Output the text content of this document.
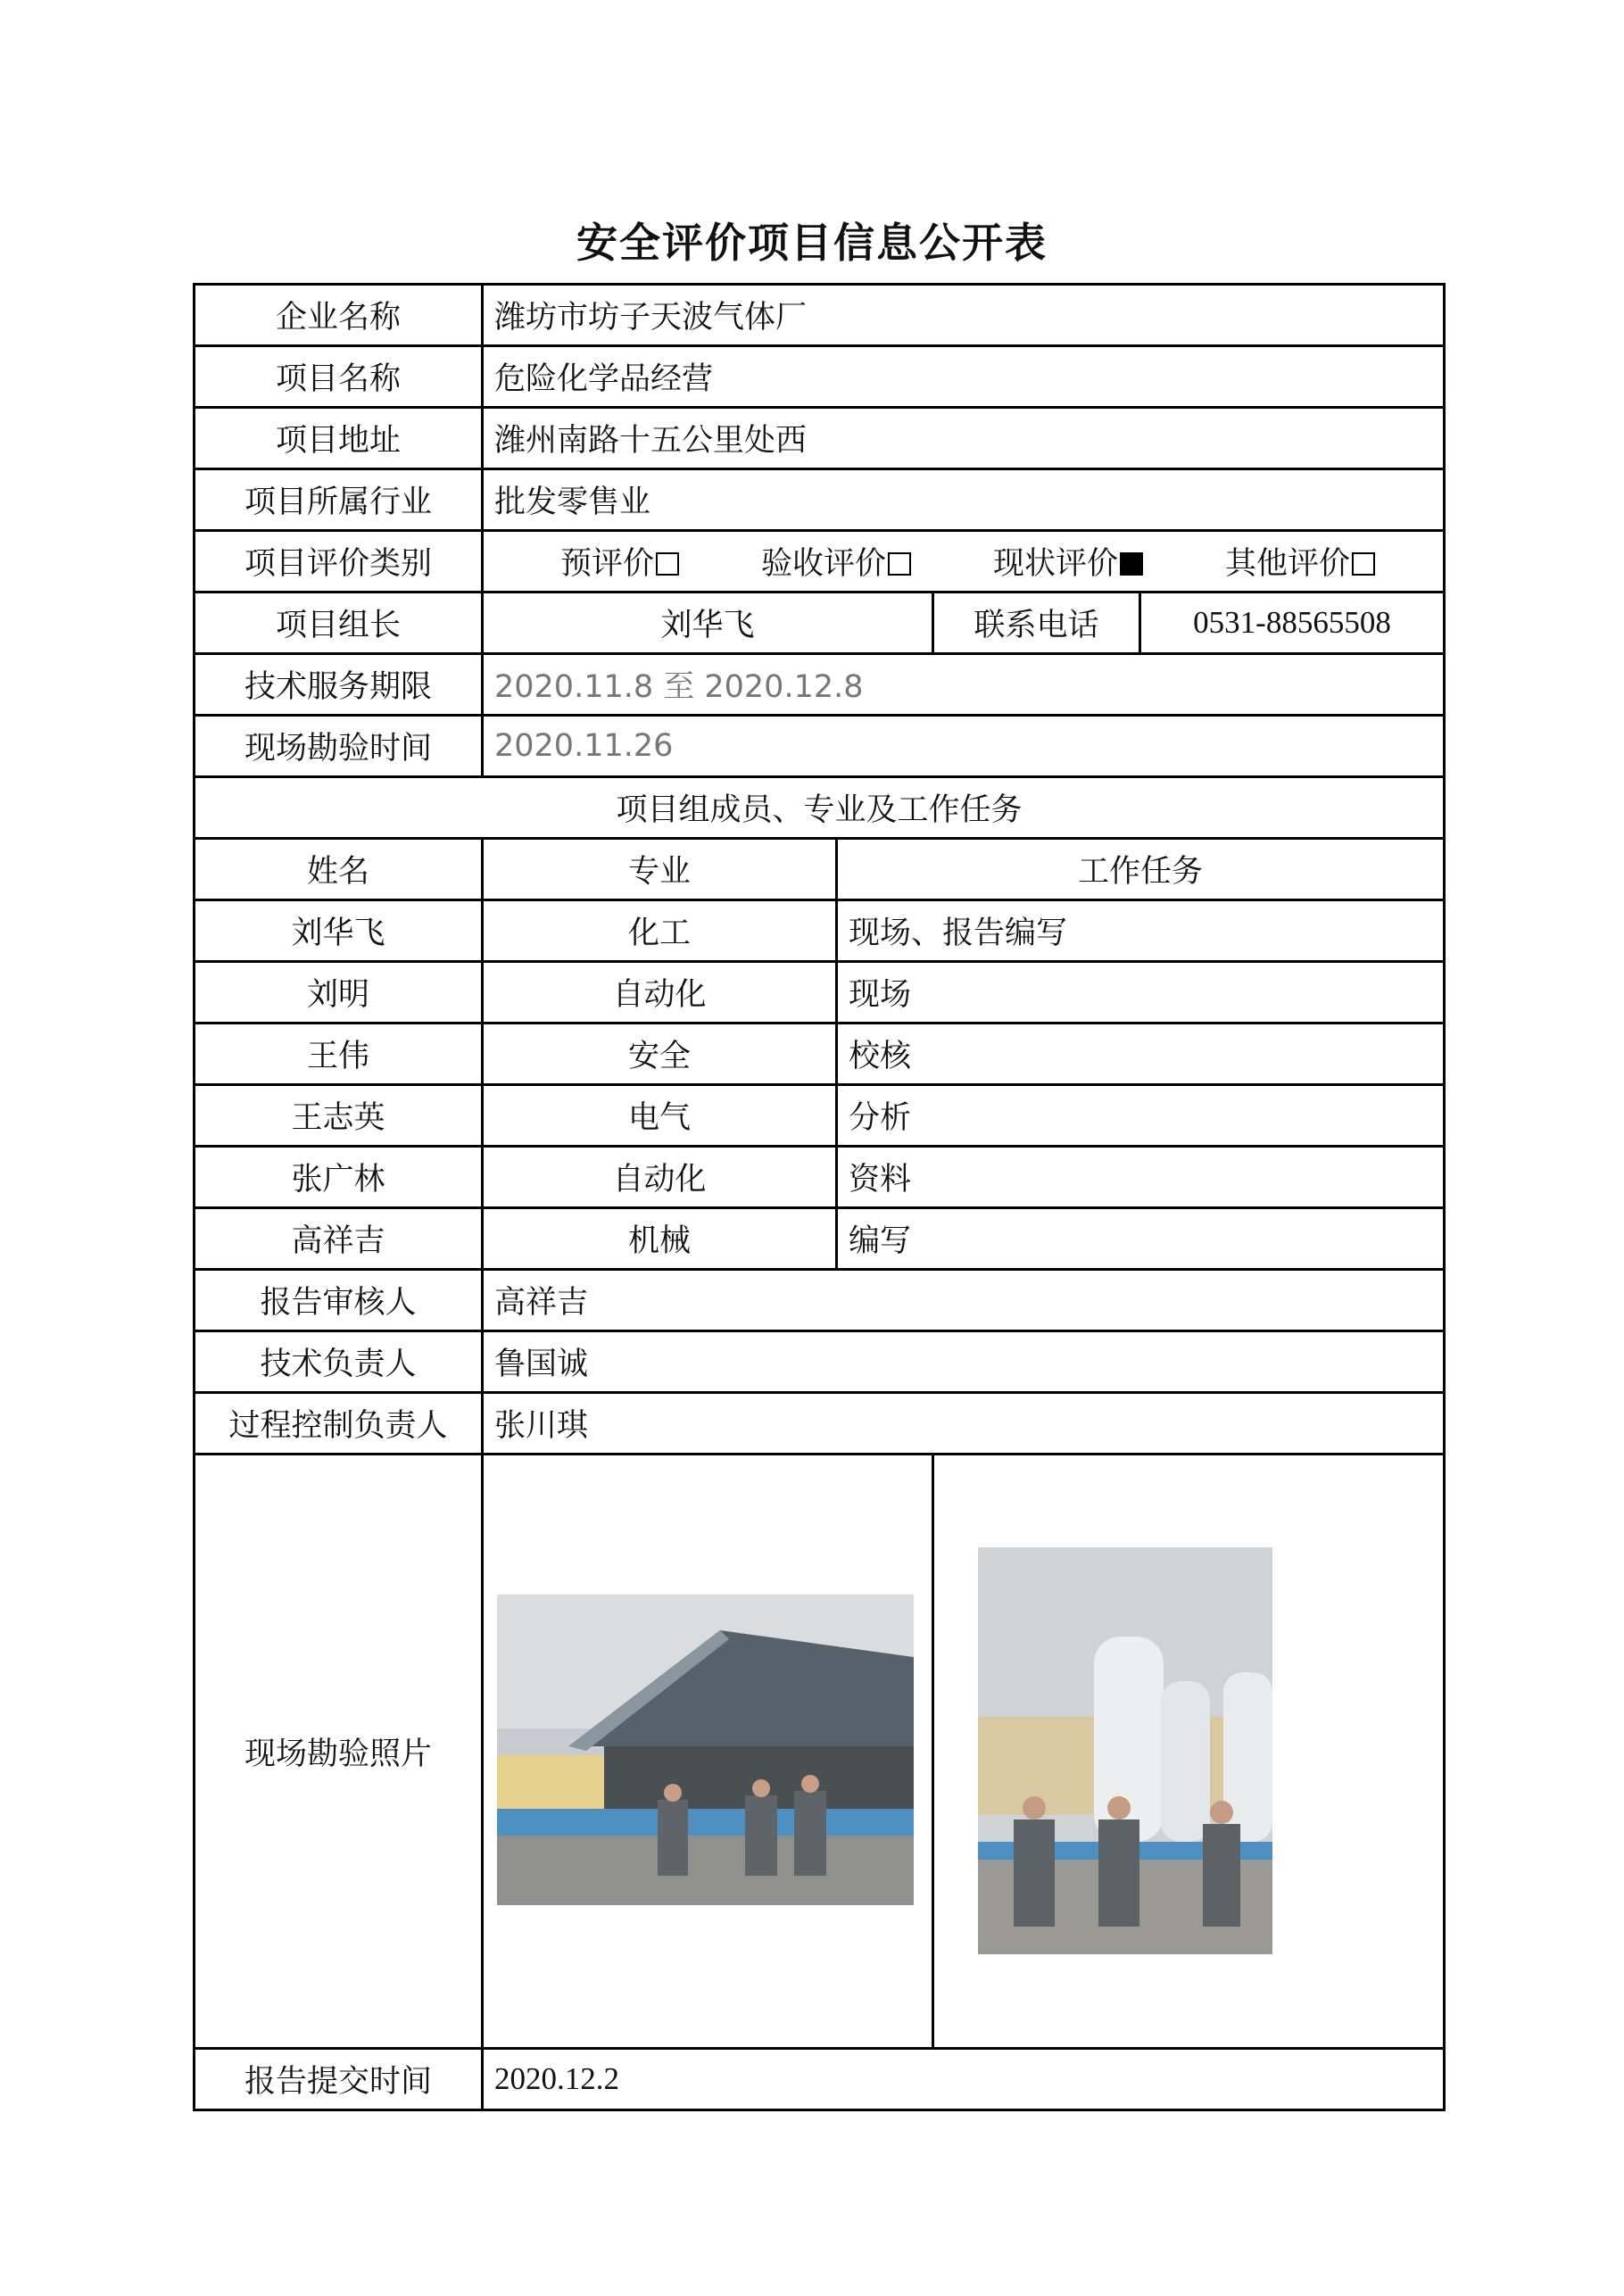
安全评价项目信息公开表
企业名称	潍坊市坊子天波气体厂			
项目名称	危险化学品经营			
项目地址	潍州南路十五公里处西			
项目所属行业	批发零售业			
项目评价类别	预评价 验收评价 现状评价 其他评价			

项目组长	刘华飞		联系电话	0531-88565508
技术服务期限	2020.11.8 至 2020.12.8			
现场勘验时间	2020.11.26			
项目组成员、专业及工作任务				
姓名	专业	工作任务		
刘华飞	化工	现场、报告编写		
刘明	自动化	现场		
王伟	安全	校核		
王志英	电气	分析		
张广林	自动化	资料		
高祥吉	机械	编写		
报告审核人	高祥吉			
技术负责人	鲁国诚			
过程控制负责人	张川琪			
现场勘验照片	

报告提交时间	2020.12.2			
